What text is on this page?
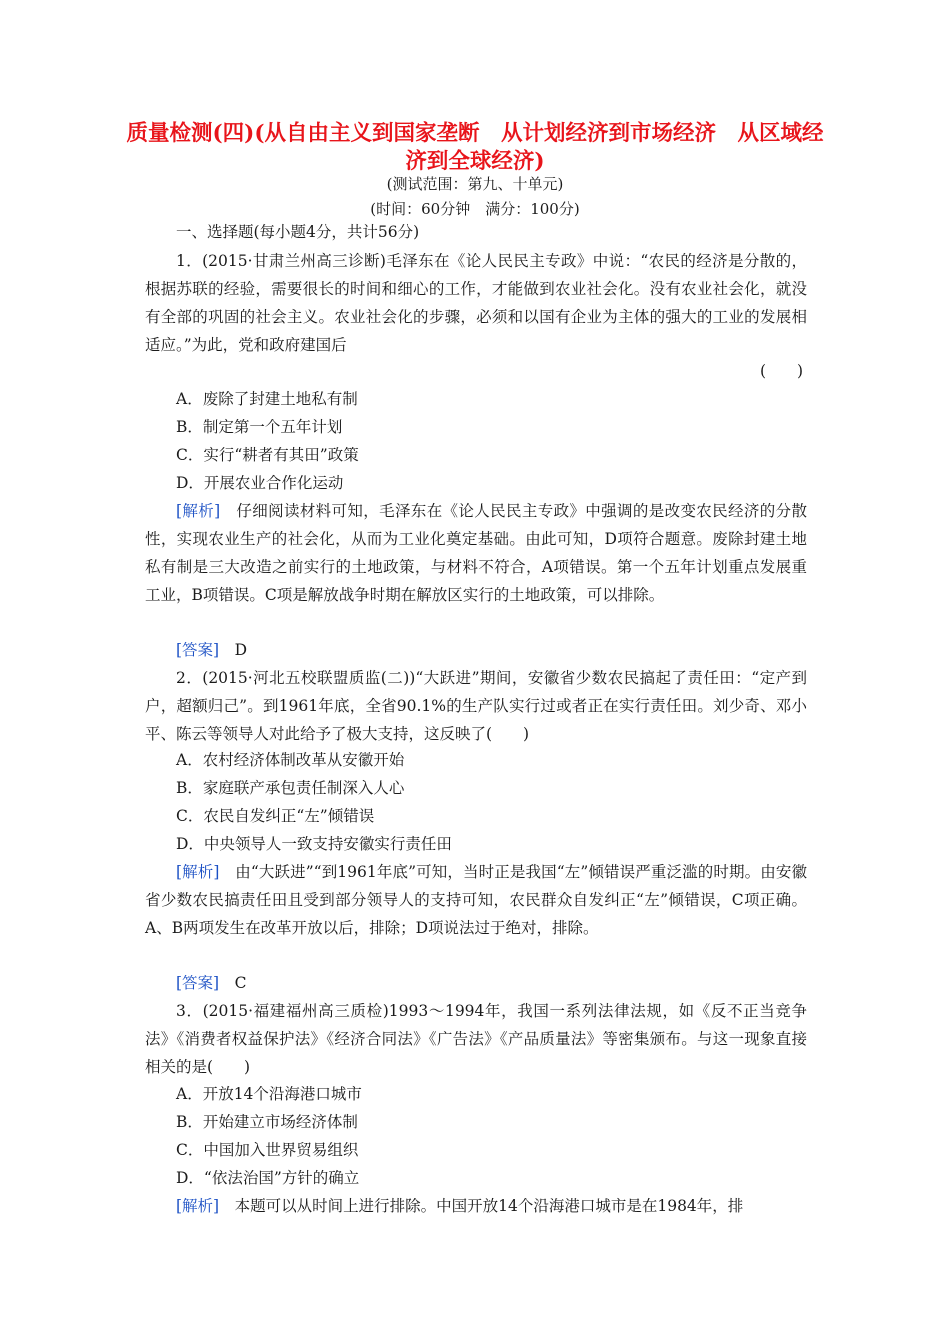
质量检测(四)(从自由主义到国家垄断　从计划经济到市场经济　从区域经济到全球经济)
(测试范围：第九、十单元)
(时间：60分钟　满分：100分)
一、选择题(每小题4分，共计56分)
1．(2015·甘肃兰州高三诊断)毛泽东在《论人民民主专政》中说：“农民的经济是分散的，根据苏联的经验，需要很长的时间和细心的工作，才能做到农业社会化。没有农业社会化，就没有全部的巩固的社会主义。农业社会化的步骤，必须和以国有企业为主体的强大的工业的发展相适应。”为此，党和政府建国后
(　　)
A．废除了封建土地私有制
B．制定第一个五年计划
C．实行“耕者有其田”政策
D．开展农业合作化运动
[解析]　 仔细阅读材料可知，毛泽东在《论人民民主专政》中强调的是改变农民经济的分散性，实现农业生产的社会化，从而为工业化奠定基础。由此可知，D项符合题意。废除封建土地私有制是三大改造之前实行的土地政策，与材料不符合，A项错误。第一个五年计划重点发展重工业，B项错误。C项是解放战争时期在解放区实行的土地政策，可以排除。
[答案]　 D
2．(2015·河北五校联盟质监(二))“大跃进”期间，安徽省少数农民搞起了责任田：“定产到户，超额归己”。到1961年底，全省90.1%的生产队实行过或者正在实行责任田。刘少奇、邓小平、陈云等领导人对此给予了极大支持，这反映了(　　)
A．农村经济体制改革从安徽开始
B．家庭联产承包责任制深入人心
C．农民自发纠正“左”倾错误
D．中央领导人一致支持安徽实行责任田
[解析]　 由“大跃进”“到1961年底”可知，当时正是我国“左”倾错误严重泛滥的时期。由安徽省少数农民搞责任田且受到部分领导人的支持可知，农民群众自发纠正“左”倾错误，C项正确。A、B两项发生在改革开放以后，排除；D项说法过于绝对，排除。
[答案]　 C
3．(2015·福建福州高三质检)1993～1994年，我国一系列法律法规，如《反不正当竞争法》《消费者权益保护法》《经济合同法》《广告法》《产品质量法》等密集颁布。与这一现象直接相关的是(　　)
A．开放14个沿海港口城市
B．开始建立市场经济体制
C．中国加入世界贸易组织
D．“依法治国”方针的确立
[解析]　 本题可以从时间上进行排除。中国开放14个沿海港口城市是在1984年，排
